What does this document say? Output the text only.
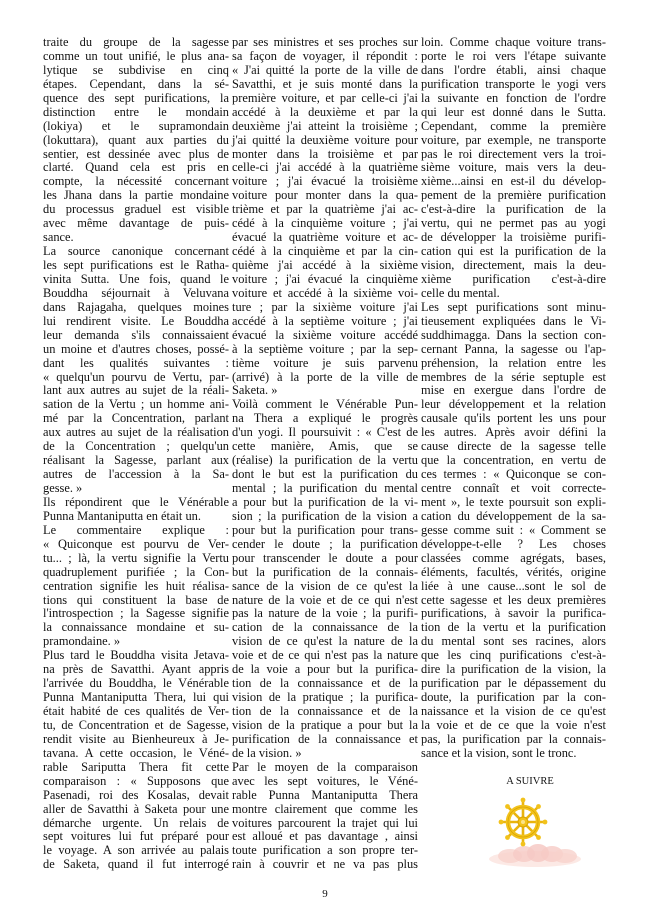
traite du groupe de la sagesse
comme un tout unifié, le plus ana-
lytique se subdivise en cinq
étapes. Cependant, dans la sé-
quence des sept purifications, la
distinction entre le mondain
(lokiya) et le supramondain
(lokuttara), quant aux parties du
sentier, est dessinée avec plus de
clarté. Quand cela est pris en
compte, la nécessité concernant
les Jhana dans la partie mondaine
du processus graduel est visible
avec même davantage de puis-
sance.
La source canonique concernant
les sept purifications est le Ratha-
vinita Sutta. Une fois, quand le
Bouddha séjournait à Veluvana
dans Rajagaha, quelques moines
lui rendirent visite. Le Bouddha
leur demanda s'ils connaissaient
un moine et d'autres choses, possé-
dant les qualités suivantes :
« quelqu'un pourvu de Vertu, par-
lant aux autres au sujet de la réali-
sation de la Vertu ; un homme ani-
mé par la Concentration, parlant
aux autres au sujet de la réalisation
de la Concentration ; quelqu'un
réalisant la Sagesse, parlant aux
autres de l'accession à la Sa-
gesse. »
Ils répondirent que le Vénérable
Punna Mantaniputta en était un.
Le commentaire explique :
« Quiconque est pourvu de Ver-
tu... ; là, la vertu signifie la Vertu
quadruplement purifiée ; la Con-
centration signifie les huit réalisa-
tions qui constituent la base de
l'introspection ; la Sagesse signifie
la connaissance mondaine et su-
pramondaine. »
Plus tard le Bouddha visita Jetava-
na près de Savatthi. Ayant appris
l'arrivée du Bouddha, le Vénérable
Punna Mantaniputta Thera, lui qui
était habité de ces qualités de Ver-
tu, de Concentration et de Sagesse,
rendit visite au Bienheureux à Je-
tavana. A cette occasion, le Véné-
rable Sariputta Thera fit cette
comparaison : « Supposons que
Pasenadi, roi des Kosalas, devait
aller de Savatthi à Saketa pour une
démarche urgente. Un relais de
sept voitures lui fut préparé pour
le voyage. A son arrivée au palais
de Saketa, quand il fut interrogé
par ses ministres et ses proches sur
sa façon de voyager, il répondit :
« J'ai quitté la porte de la ville de
Savatthi, et je suis monté dans la
première voiture, et par celle-ci j'ai
accédé à la deuxième et par la
deuxième j'ai atteint la troisième ;
j'ai quitté la deuxième voiture pour
monter dans la troisième et par
celle-ci j'ai accédé à la quatrième
voiture ; j'ai évacué la troisième
voiture pour monter dans la qua-
trième et par la quatrième j'ai ac-
cédé à la cinquième voiture ; j'ai
évacué la quatrième voiture et ac-
cédé à la cinquième et par la cin-
quième j'ai accédé à la sixième
voiture ; j'ai évacué la cinquième
voiture et accédé à la sixième voi-
ture ; par la sixième voiture j'ai
accédé à la septième voiture ; j'ai
évacué la sixième voiture accédé
à la septième voiture ; par la sep-
tième voiture je suis parvenu
(arrivé) à la porte de la ville de
Saketa. »
Voilà comment le Vénérable Pun-
na Thera a expliqué le progrès
d'un yogi. Il poursuivit : « C'est de
cette manière, Amis, que se
(réalise) la purification de la vertu
dont le but est la purification du
mental ; la purification du mental
a pour but la purification de la vi-
sion ; la purification de la vision a
pour but la purification pour trans-
cender le doute ; la purification
pour transcender le doute a pour
but la purification de la connais-
sance de la vision de ce qu'est la
nature de la voie et de ce qui n'est
pas la nature de la voie ; la purifi-
cation de la connaissance de la
vision de ce qu'est la nature de la
voie et de ce qui n'est pas la nature
de la voie a pour but la purifica-
tion de la connaissance et de la
vision de la pratique ; la purifica-
tion de la connaissance et de la
vision de la pratique a pour but la
purification de la connaissance et
de la vision. »
Par le moyen de la comparaison
avec les sept voitures, le Véné-
rable Punna Mantaniputta Thera
montre clairement que comme les
voitures parcourent la trajet qui lui
est alloué et pas davantage , ainsi
toute purification a son propre ter-
rain à couvrir et ne va pas plus
loin. Comme chaque voiture trans-
porte le roi vers l'étape suivante
dans l'ordre établi, ainsi chaque
purification transporte le yogi vers
la suivante en fonction de l'ordre
qui leur est donné dans le Sutta.
Cependant, comme la première
voiture, par exemple, ne transporte
pas le roi directement vers la troi-
sième voiture, mais vers la deu-
xième...ainsi en est-il du dévelop-
pement de la première purification
c'est-à-dire la purification de la
vertu, qui ne permet pas au yogi
de développer la troisième purifi-
cation qui est la purification de la
vision, directement, mais la deu-
xième purification c'est-à-dire
celle du mental.
Les sept purifications sont minu-
tieusement expliquées dans le Vi-
suddhimagga. Dans la section con-
cernant Panna, la sagesse ou l'ap-
préhension, la relation entre les
membres de la série septuple est
mise en exergue dans l'ordre de
leur développement et la relation
causale qu'ils portent les uns pour
les autres. Après avoir défini la
cause directe de la sagesse telle
que la concentration, en vertu de
ces termes : « Quiconque se con-
centre connaît et voit correcte-
ment », le texte poursuit son expli-
cation du développement de la sa-
gesse comme suit : « Comment se
développe-t-elle ? Les choses
classées comme agrégats, bases,
éléments, facultés, vérités, origine
liée à une cause...sont le sol de
cette sagesse et les deux premières
purifications, à savoir la purifica-
tion de la vertu et la purification
du mental sont ses racines, alors
que les cinq purifications c'est-à-
dire la purification de la vision, la
purification par le dépassement du
doute, la purification par la con-
naissance et la vision de ce qu'est
la voie et de ce que la voie n'est
pas, la purification par la connais-
sance et la vision, sont le tronc.
A SUIVRE
9
